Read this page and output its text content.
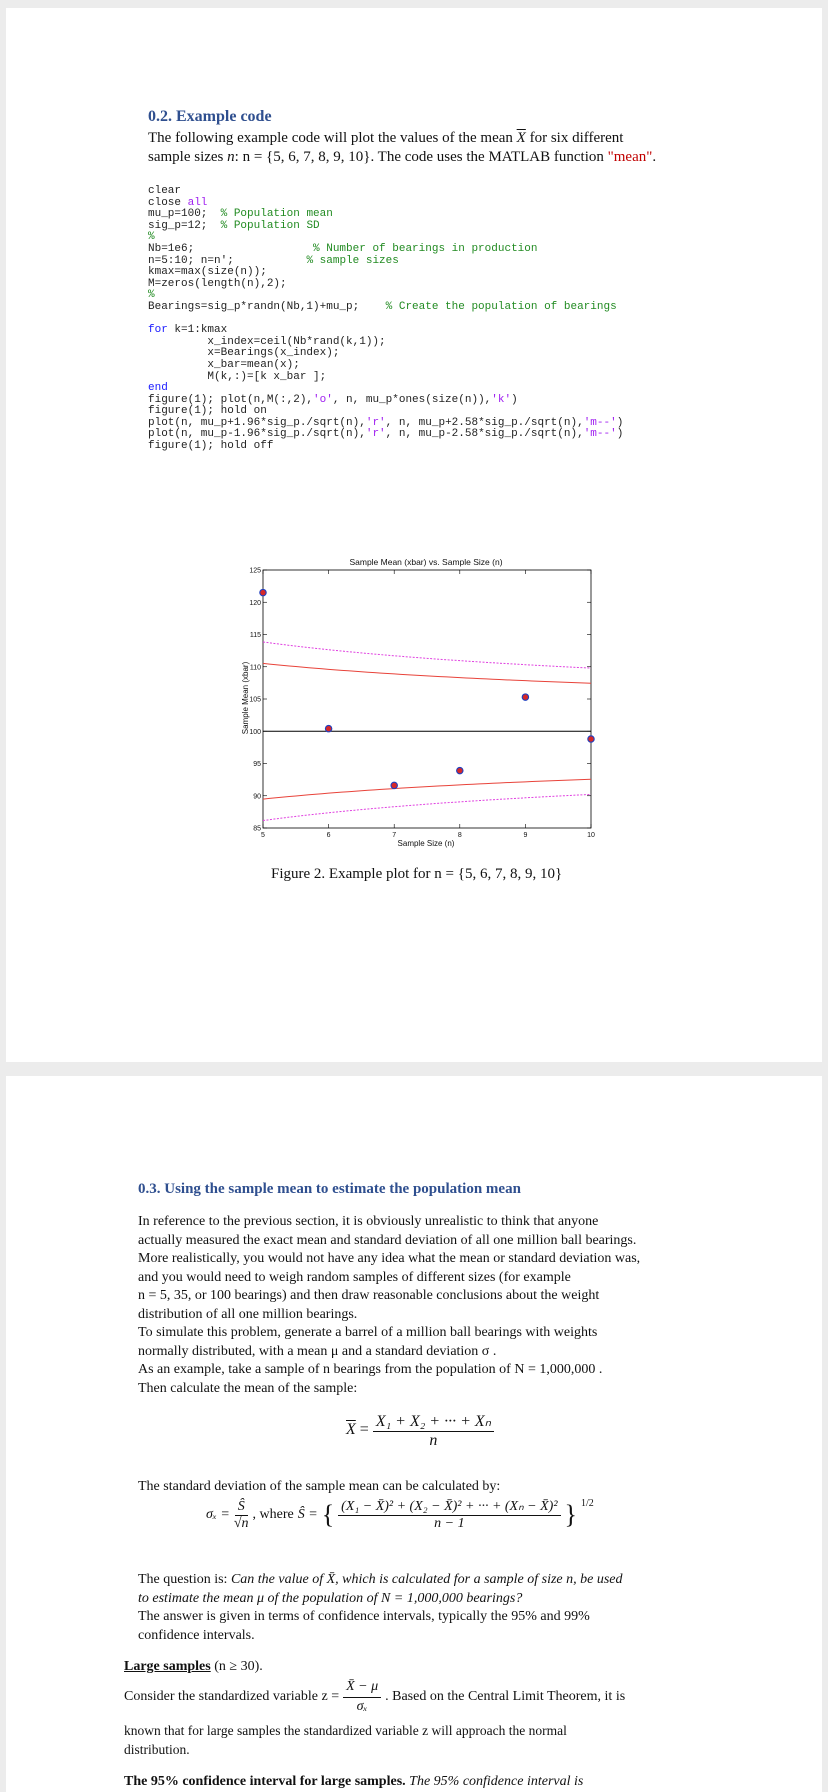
0.2. Example code
The following example code will plot the values of the mean $\overline{X}$ for six different
sample sizes n: n = {5, 6, 7, 8, 9, 10}. The code uses the MATLAB function "mean".
clear
close all
mu_p=100;  % Population mean
sig_p=12;  % Population SD
%
Nb=1e6;                  % Number of bearings in production
n=5:10; n=n';           % sample sizes
kmax=max(size(n));
M=zeros(length(n),2);
%
Bearings=sig_p*randn(Nb,1)+mu_p;    % Create the population of bearings

for k=1:kmax
x_index=ceil(Nb*rand(k,1));
x=Bearings(x_index);
x_bar=mean(x);
M(k,:)=[k x_bar ];
end
figure(1); plot(n,M(:,2),'o', n, mu_p*ones(size(n)),'k')
figure(1); hold on
plot(n, mu_p+1.96*sig_p./sqrt(n),'r', n, mu_p+2.58*sig_p./sqrt(n),'m--')
plot(n, mu_p-1.96*sig_p./sqrt(n),'r', n, mu_p-2.58*sig_p./sqrt(n),'m--')
figure(1); hold off
Sample Mean (xbar) vs. Sample Size (n)
Sample Size (n)
Sample Mean (xbar)
5	6	7	8	9	10
85
90
95
100
105
110
115
120
125
Figure 2. Example plot for n = {5, 6, 7, 8, 9, 10}
0.3. Using the sample mean to estimate the population mean
In reference to the previous section, it is obviously unrealistic to think that anyone
actually measured the exact mean and standard deviation of all one million ball bearings.
More realistically, you would not have any idea what the mean or standard deviation was,
and you would need to weigh random samples of different sizes (for example
n = 5, 35, or 100 bearings) and then draw reasonable conclusions about the weight
distribution of all one million bearings.
To simulate this problem, generate a barrel of a million ball bearings with weights
normally distributed, with a mean μ and a standard deviation σ .
As an example, take a sample of n bearings from the population of N = 1,000,000 .
Then calculate the mean of the sample:
$\overline{X} = \frac{\text{X₁ + X₂ + ··· + Xₙ}}{n}$
The standard deviation of the sample mean can be calculated by:
$\sigma_x = \frac{Ŝ}{√n}$ , where Ŝ = { $\frac{\text{(X₁ − X̄)² + (X₂ − X̄)² + ··· + (Xₙ − X̄)²}}{n - 1}$ } $^{1/2}$
The question is: Can the value of X̄, which is calculated for a sample of size n, be used
to estimate the mean μ of the population of N = 1,000,000 bearings?
The answer is given in terms of confidence intervals, typically the 95% and 99%
confidence intervals.
Large samples (n ≥ 30).
Consider the standardized variable $z = \frac{X̄ - \mu}{\text{σₓ}}$ . Based on the Central Limit Theorem, it is
known that for large samples the standardized variable z will approach the normal
distribution.
The 95% confidence interval for large samples. The 95% confidence interval is
